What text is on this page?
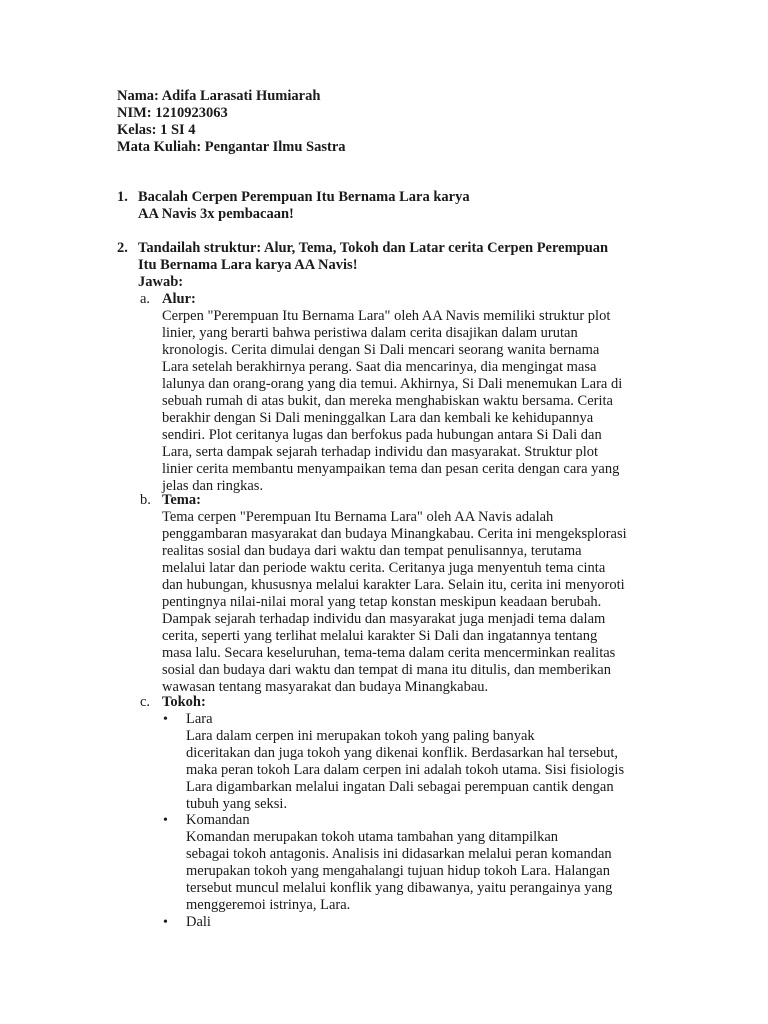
Nama: Adifa Larasati Humiarah
NIM: 1210923063
Kelas: 1 SI 4
Mata Kuliah: Pengantar Ilmu Sastra
1. Bacalah Cerpen Perempuan Itu Bernama Lara karya
AA Navis 3x pembacaan!
2. Tandailah struktur: Alur, Tema, Tokoh dan Latar cerita Cerpen Perempuan
Itu Bernama Lara karya AA Navis!
Jawab:
a. Alur:
Cerpen "Perempuan Itu Bernama Lara" oleh AA Navis memiliki struktur plot
linier, yang berarti bahwa peristiwa dalam cerita disajikan dalam urutan
kronologis. Cerita dimulai dengan Si Dali mencari seorang wanita bernama
Lara setelah berakhirnya perang. Saat dia mencarinya, dia mengingat masa
lalunya dan orang-orang yang dia temui. Akhirnya, Si Dali menemukan Lara di
sebuah rumah di atas bukit, dan mereka menghabiskan waktu bersama. Cerita
berakhir dengan Si Dali meninggalkan Lara dan kembali ke kehidupannya
sendiri. Plot ceritanya lugas dan berfokus pada hubungan antara Si Dali dan
Lara, serta dampak sejarah terhadap individu dan masyarakat. Struktur plot
linier cerita membantu menyampaikan tema dan pesan cerita dengan cara yang
jelas dan ringkas.
b. Tema:
Tema cerpen "Perempuan Itu Bernama Lara" oleh AA Navis adalah
penggambaran masyarakat dan budaya Minangkabau. Cerita ini mengeksplorasi
realitas sosial dan budaya dari waktu dan tempat penulisannya, terutama
melalui latar dan periode waktu cerita. Ceritanya juga menyentuh tema cinta
dan hubungan, khususnya melalui karakter Lara. Selain itu, cerita ini menyoroti
pentingnya nilai-nilai moral yang tetap konstan meskipun keadaan berubah.
Dampak sejarah terhadap individu dan masyarakat juga menjadi tema dalam
cerita, seperti yang terlihat melalui karakter Si Dali dan ingatannya tentang
masa lalu. Secara keseluruhan, tema-tema dalam cerita mencerminkan realitas
sosial dan budaya dari waktu dan tempat di mana itu ditulis, dan memberikan
wawasan tentang masyarakat dan budaya Minangkabau.
c. Tokoh:
• Lara
Lara dalam cerpen ini merupakan tokoh yang paling banyak
diceritakan dan juga tokoh yang dikenai konflik. Berdasarkan hal tersebut,
maka peran tokoh Lara dalam cerpen ini adalah tokoh utama. Sisi fisiologis
Lara digambarkan melalui ingatan Dali sebagai perempuan cantik dengan
tubuh yang seksi.
• Komandan
Komandan merupakan tokoh utama tambahan yang ditampilkan
sebagai tokoh antagonis. Analisis ini didasarkan melalui peran komandan
merupakan tokoh yang mengahalangi tujuan hidup tokoh Lara. Halangan
tersebut muncul melalui konflik yang dibawanya, yaitu perangainya yang
menggeremoi istrinya, Lara.
• Dali
